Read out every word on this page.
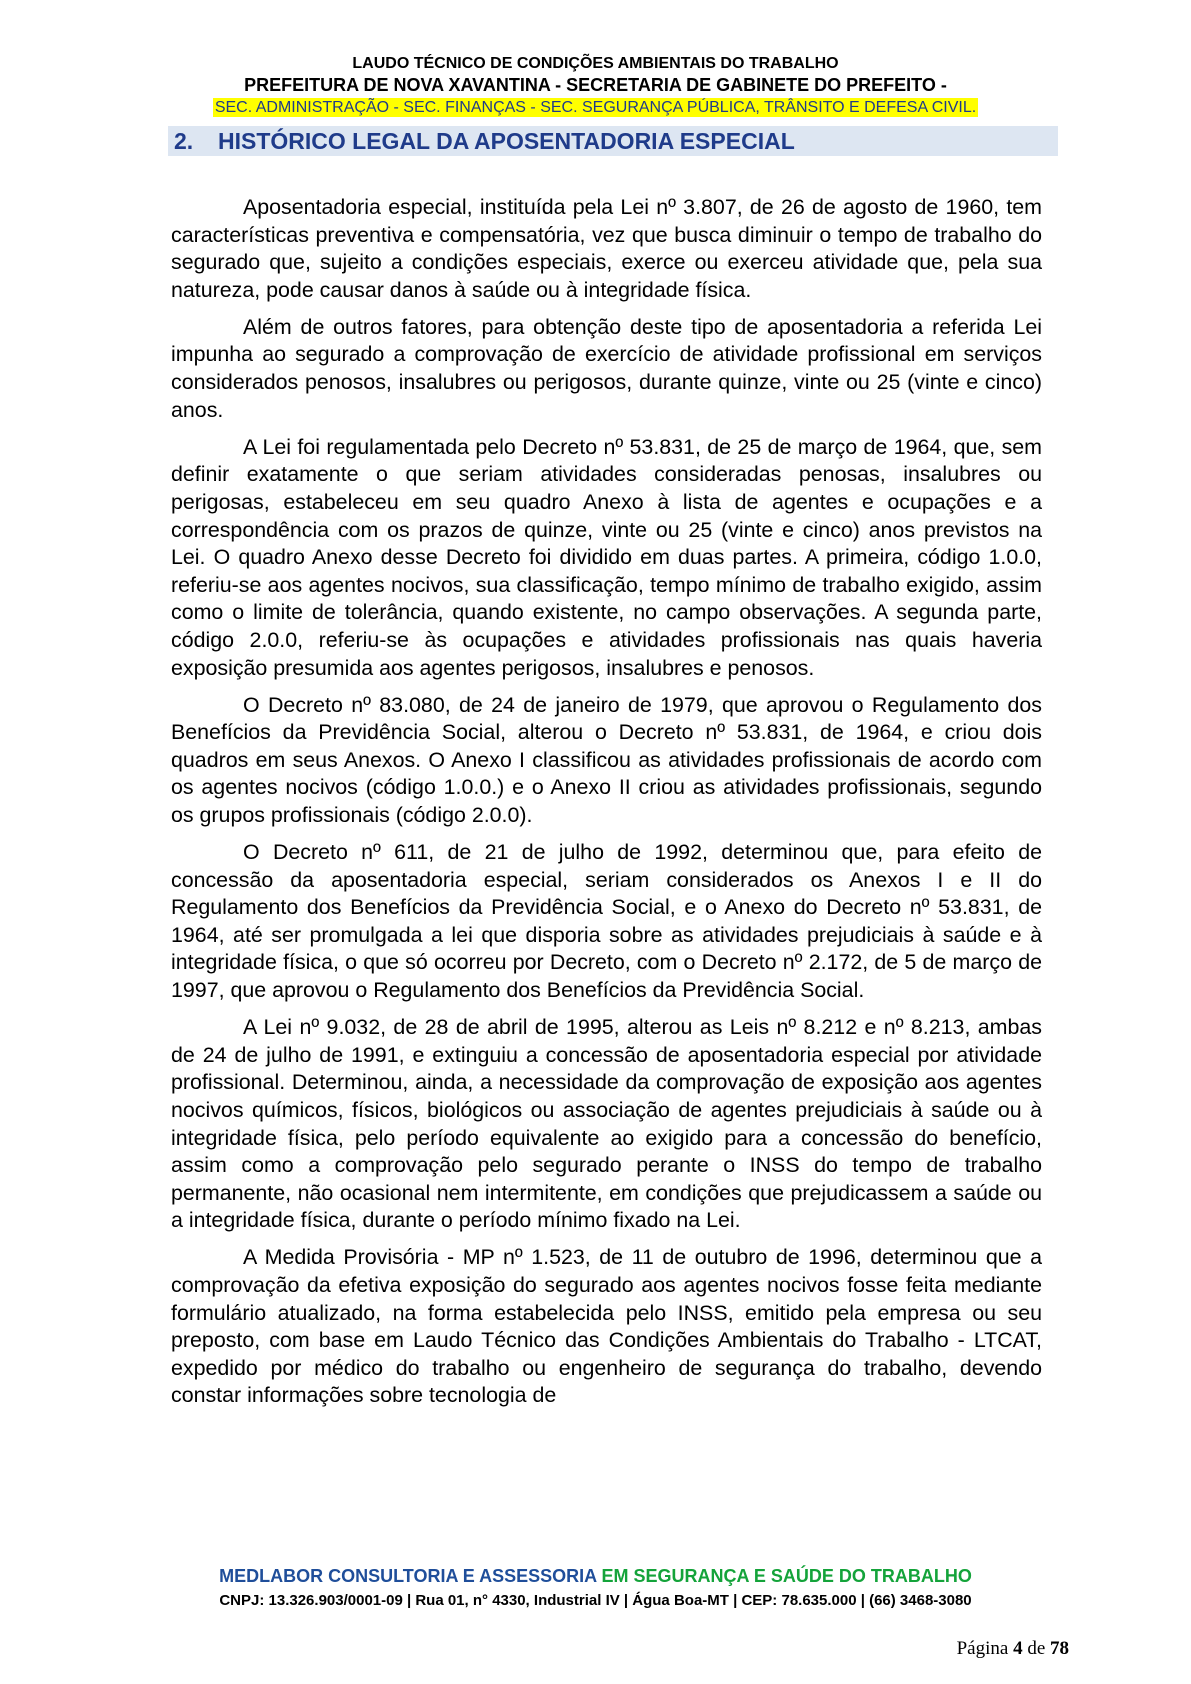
LAUDO TÉCNICO DE CONDIÇÕES AMBIENTAIS DO TRABALHO
PREFEITURA DE NOVA XAVANTINA - SECRETARIA DE GABINETE DO PREFEITO -
SEC. ADMINISTRAÇÃO - SEC. FINANÇAS - SEC. SEGURANÇA PÚBLICA, TRÂNSITO E DEFESA CIVIL.
2. HISTÓRICO LEGAL DA APOSENTADORIA ESPECIAL

Aposentadoria especial, instituída pela Lei nº 3.807, de 26 de agosto de 1960, tem características preventiva e compensatória, vez que busca diminuir o tempo de trabalho do segurado que, sujeito a condições especiais, exerce ou exerceu atividade que, pela sua natureza, pode causar danos à saúde ou à integridade física.

Além de outros fatores, para obtenção deste tipo de aposentadoria a referida Lei impunha ao segurado a comprovação de exercício de atividade profissional em serviços considerados penosos, insalubres ou perigosos, durante quinze, vinte ou 25 (vinte e cinco) anos.

A Lei foi regulamentada pelo Decreto nº 53.831, de 25 de março de 1964, que, sem definir exatamente o que seriam atividades consideradas penosas, insalubres ou perigosas, estabeleceu em seu quadro Anexo à lista de agentes e ocupações e a correspondência com os prazos de quinze, vinte ou 25 (vinte e cinco) anos previstos na Lei. O quadro Anexo desse Decreto foi dividido em duas partes. A primeira, código 1.0.0, referiu-se aos agentes nocivos, sua classificação, tempo mínimo de trabalho exigido, assim como o limite de tolerância, quando existente, no campo observações. A segunda parte, código 2.0.0, referiu-se às ocupações e atividades profissionais nas quais haveria exposição presumida aos agentes perigosos, insalubres e penosos.

O Decreto nº 83.080, de 24 de janeiro de 1979, que aprovou o Regulamento dos Benefícios da Previdência Social, alterou o Decreto nº 53.831, de 1964, e criou dois quadros em seus Anexos. O Anexo I classificou as atividades profissionais de acordo com os agentes nocivos (código 1.0.0.) e o Anexo II criou as atividades profissionais, segundo os grupos profissionais (código 2.0.0).

O Decreto nº 611, de 21 de julho de 1992, determinou que, para efeito de concessão da aposentadoria especial, seriam considerados os Anexos I e II do Regulamento dos Benefícios da Previdência Social, e o Anexo do Decreto nº 53.831, de 1964, até ser promulgada a lei que disporia sobre as atividades prejudiciais à saúde e à integridade física, o que só ocorreu por Decreto, com o Decreto nº 2.172, de 5 de março de 1997, que aprovou o Regulamento dos Benefícios da Previdência Social.

A Lei nº 9.032, de 28 de abril de 1995, alterou as Leis nº 8.212 e nº 8.213, ambas de 24 de julho de 1991, e extinguiu a concessão de aposentadoria especial por atividade profissional. Determinou, ainda, a necessidade da comprovação de exposição aos agentes nocivos químicos, físicos, biológicos ou associação de agentes prejudiciais à saúde ou à integridade física, pelo período equivalente ao exigido para a concessão do benefício, assim como a comprovação pelo segurado perante o INSS do tempo de trabalho permanente, não ocasional nem intermitente, em condições que prejudicassem a saúde ou a integridade física, durante o período mínimo fixado na Lei.

A Medida Provisória - MP nº 1.523, de 11 de outubro de 1996, determinou que a comprovação da efetiva exposição do segurado aos agentes nocivos fosse feita mediante formulário atualizado, na forma estabelecida pelo INSS, emitido pela empresa ou seu preposto, com base em Laudo Técnico das Condições Ambientais do Trabalho - LTCAT, expedido por médico do trabalho ou engenheiro de segurança do trabalho, devendo constar informações sobre tecnologia de

MEDLABOR CONSULTORIA E ASSESSORIA EM SEGURANÇA E SAÚDE DO TRABALHO
CNPJ: 13.326.903/0001-09 | Rua 01, n° 4330, Industrial IV | Água Boa-MT | CEP: 78.635.000 | (66) 3468-3080
Página 4 de 78
